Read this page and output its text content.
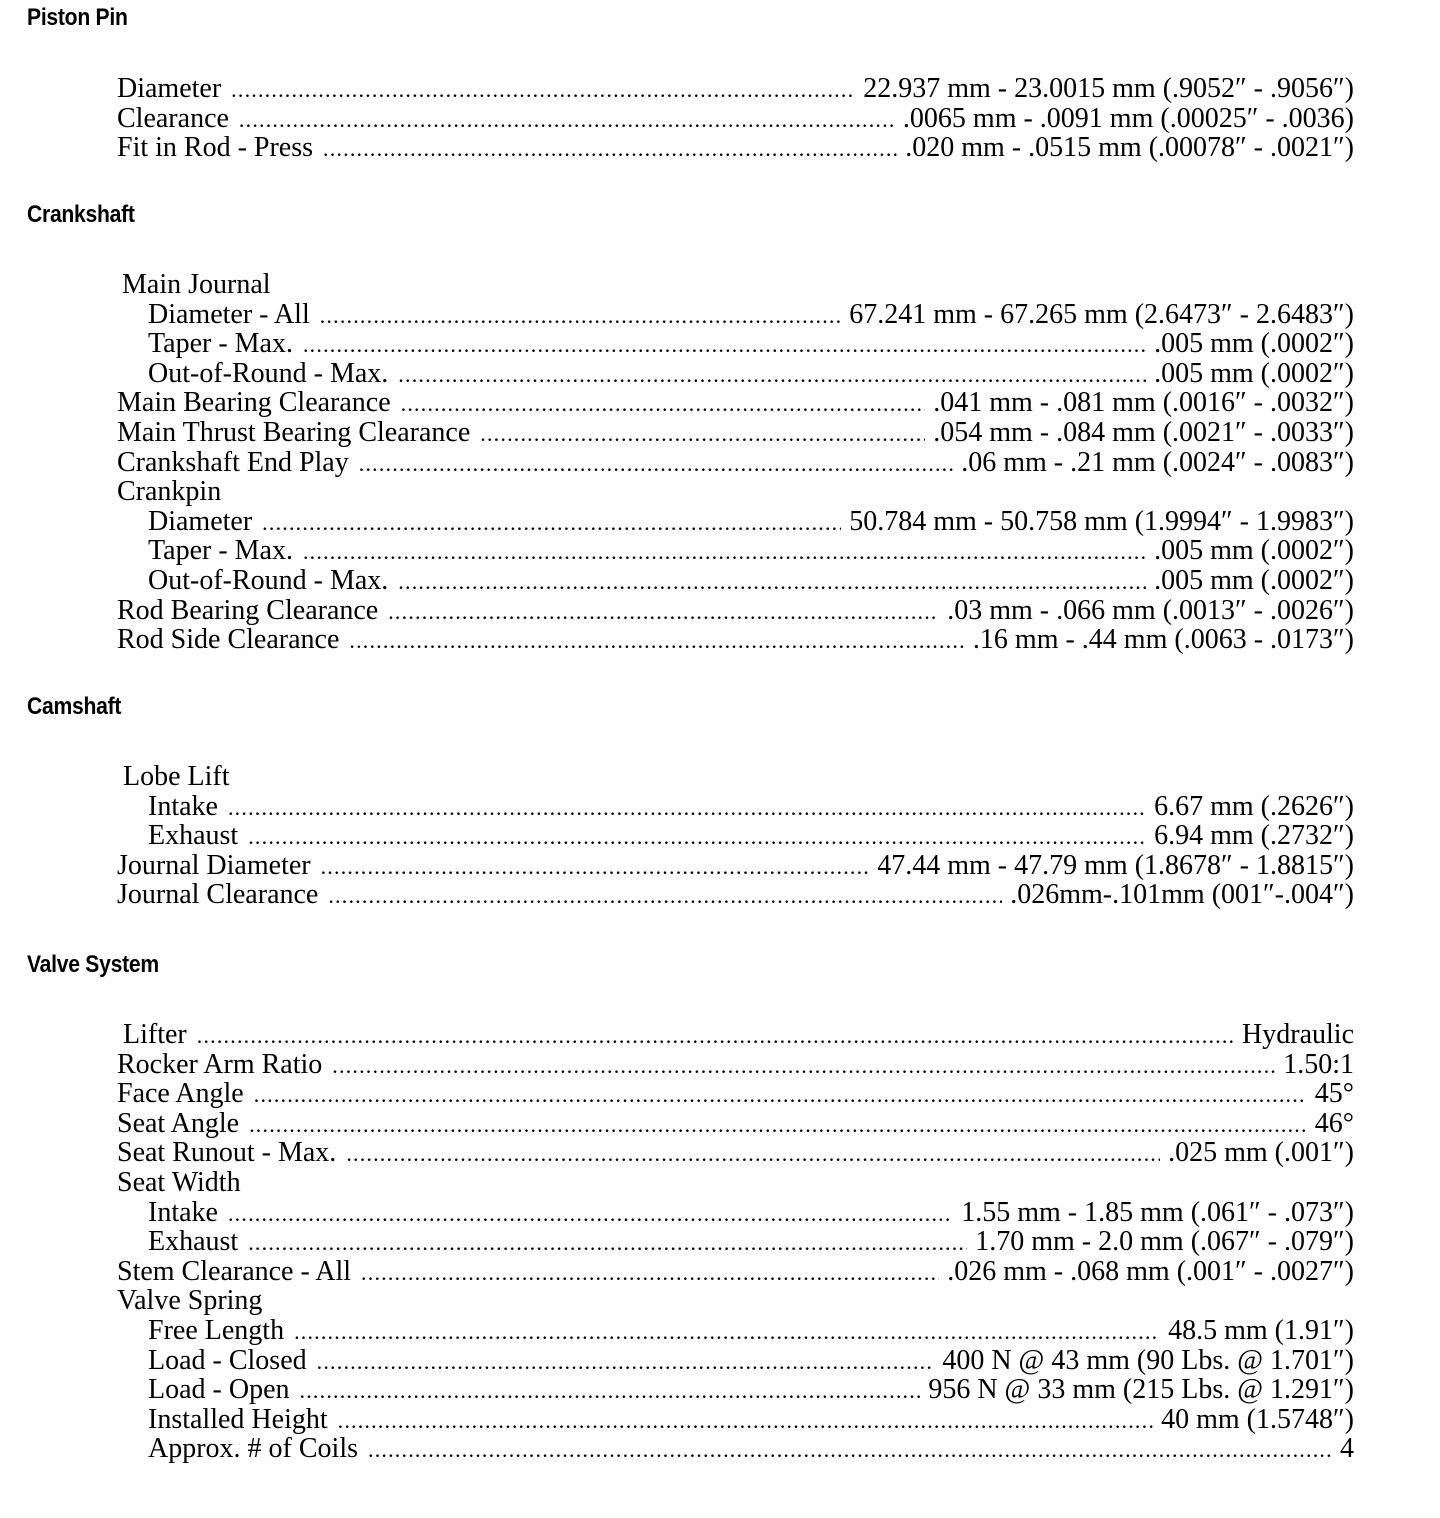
Piston Pin
Diameter .....	22.937 mm - 23.0015 mm (.9052″ - .9056″)
Clearance .....	.0065 mm - .0091 mm (.00025″ - .0036)
Fit in Rod - Press .....	.020 mm - .0515 mm (.00078″ - .0021″)
Crankshaft
Main Journal
Diameter - All .....	67.241 mm - 67.265 mm (2.6473″ - 2.6483″)
Taper - Max. .....	.005 mm (.0002″)
Out-of-Round - Max. .....	.005 mm (.0002″)
Main Bearing Clearance .....	.041 mm - .081 mm (.0016″ - .0032″)
Main Thrust Bearing Clearance .....	.054 mm - .084 mm (.0021″ - .0033″)
Crankshaft End Play .....	.06 mm - .21 mm (.0024″ - .0083″)
Crankpin
Diameter .....	50.784 mm - 50.758 mm (1.9994″ - 1.9983″)
Taper - Max. .....	.005 mm (.0002″)
Out-of-Round - Max. .....	.005 mm (.0002″)
Rod Bearing Clearance .....	.03 mm - .066 mm (.0013″ - .0026″)
Rod Side Clearance .....	.16 mm - .44 mm (.0063 - .0173″)
Camshaft
Lobe Lift
Intake .....	6.67 mm (.2626″)
Exhaust .....	6.94 mm (.2732″)
Journal Diameter .....	47.44 mm - 47.79 mm (1.8678″ - 1.8815″)
Journal Clearance .....	.026mm-.101mm (001″-.004″)
Valve System
Lifter .....	Hydraulic
Rocker Arm Ratio .....	1.50:1
Face Angle .....	45°
Seat Angle .....	46°
Seat Runout - Max. .....	.025 mm (.001″)
Seat Width
Intake .....	1.55 mm - 1.85 mm (.061″ - .073″)
Exhaust .....	1.70 mm - 2.0 mm (.067″ - .079″)
Stem Clearance - All .....	.026 mm - .068 mm (.001″ - .0027″)
Valve Spring
Free Length .....	48.5 mm (1.91″)
Load - Closed .....	400 N @ 43 mm (90 Lbs. @ 1.701″)
Load - Open .....	956 N @ 33 mm (215 Lbs. @ 1.291″)
Installed Height .....	40 mm (1.5748″)
Approx. # of Coils .....	4
